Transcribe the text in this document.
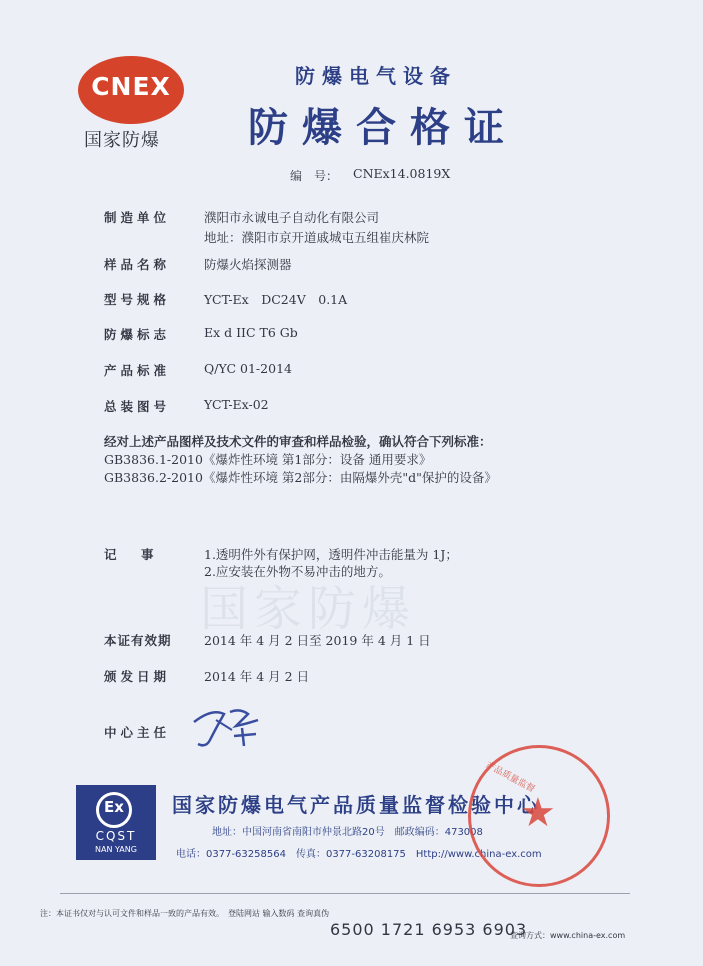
国家防爆
CNEX
国家防爆
防爆电气设备
防爆合格证
编　号： CNEx14.0819X
制造单位	濮阳市永诚电子自动化有限公司
地址：濮阳市京开道戚城屯五组崔庆林院
样品名称	防爆火焰探测器
型号规格	YCT-Ex　DC24V　0.1A
防爆标志	Ex d IIC T6 Gb
产品标准	Q/YC 01-2014
总装图号	YCT-Ex-02
经对上述产品图样及技术文件的审查和样品检验，确认符合下列标准：
GB3836.1-2010《爆炸性环境 第1部分：设备 通用要求》
GB3836.2-2010《爆炸性环境 第2部分：由隔爆外壳"d"保护的设备》
记　事	1.透明件外有保护网，透明件冲击能量为 1J；
2.应安装在外物不易冲击的地方。
本证有效期	2014 年 4 月 2 日至 2019 年 4 月 1 日
颁发日期	2014 年 4 月 2 日
中心主任
Ex
CQST
NAN YANG
国家防爆电气产品质量监督检验中心
地址：中国河南省南阳市仲景北路20号　邮政编码：473008
电话：0377-63258564　传真：0377-63208175　Http://www.china-ex.com
★
产品质量监督
注：本证书仅对与认可文件和样品一致的产品有效。　登陆网站 输入数码 查询真伪
6500 1721 6953 6903
查询方式：www.china-ex.com
